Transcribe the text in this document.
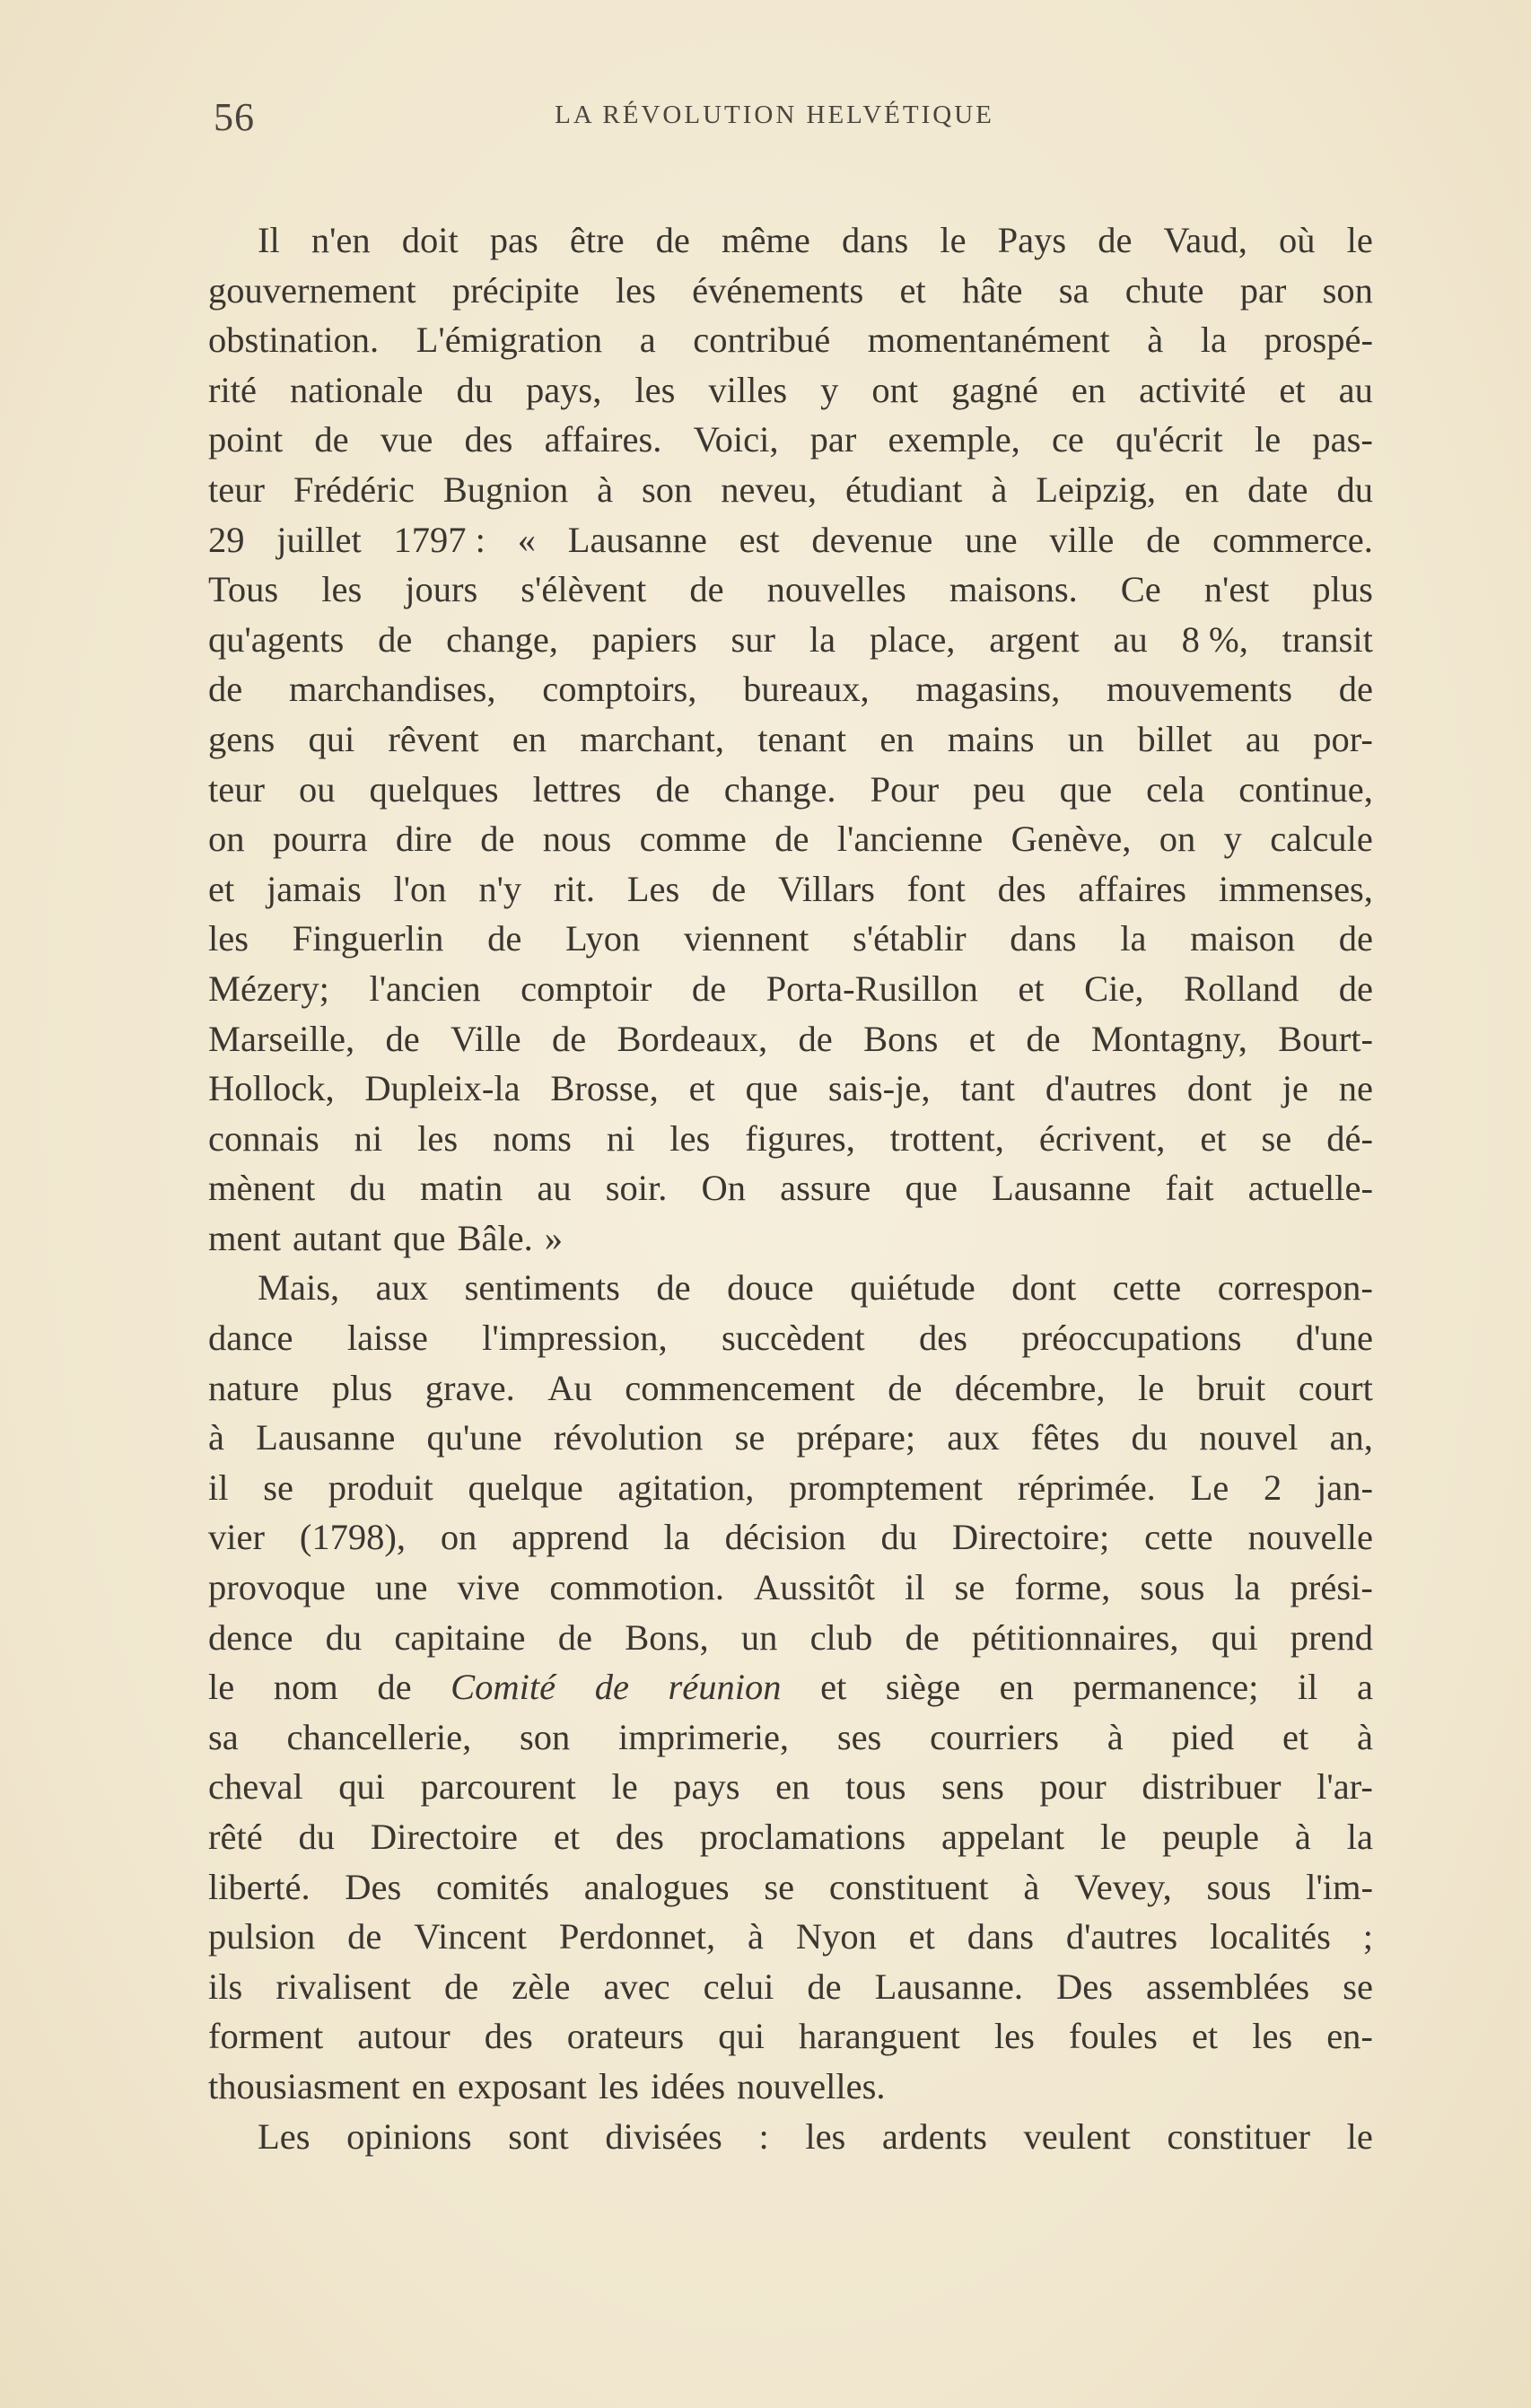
56	LA RÉVOLUTION HELVÉTIQUE
Il n'en doit pas être de même dans le Pays de Vaud, où le
gouvernement précipite les événements et hâte sa chute par son
obstination. L'émigration a contribué momentanément à la prospé-
rité nationale du pays, les villes y ont gagné en activité et au
point de vue des affaires. Voici, par exemple, ce qu'écrit le pas-
teur Frédéric Bugnion à son neveu, étudiant à Leipzig, en date du
29 juillet 1797 : « Lausanne est devenue une ville de commerce.
Tous les jours s'élèvent de nouvelles maisons. Ce n'est plus
qu'agents de change, papiers sur la place, argent au 8 %, transit
de marchandises, comptoirs, bureaux, magasins, mouvements de
gens qui rêvent en marchant, tenant en mains un billet au por-
teur ou quelques lettres de change. Pour peu que cela continue,
on pourra dire de nous comme de l'ancienne Genève, on y calcule
et jamais l'on n'y rit. Les de Villars font des affaires immenses,
les Finguerlin de Lyon viennent s'établir dans la maison de
Mézery; l'ancien comptoir de Porta-Rusillon et Cie, Rolland de
Marseille, de Ville de Bordeaux, de Bons et de Montagny, Bourt-
Hollock, Dupleix-la Brosse, et que sais-je, tant d'autres dont je ne
connais ni les noms ni les figures, trottent, écrivent, et se dé-
mènent du matin au soir. On assure que Lausanne fait actuelle-
ment autant que Bâle. »
Mais, aux sentiments de douce quiétude dont cette correspon-
dance laisse l'impression, succèdent des préoccupations d'une
nature plus grave. Au commencement de décembre, le bruit court
à Lausanne qu'une révolution se prépare; aux fêtes du nouvel an,
il se produit quelque agitation, promptement réprimée. Le 2 jan-
vier (1798), on apprend la décision du Directoire; cette nouvelle
provoque une vive commotion. Aussitôt il se forme, sous la prési-
dence du capitaine de Bons, un club de pétitionnaires, qui prend
le nom de Comité de réunion et siège en permanence; il a
sa chancellerie, son imprimerie, ses courriers à pied et à
cheval qui parcourent le pays en tous sens pour distribuer l'ar-
rêté du Directoire et des proclamations appelant le peuple à la
liberté. Des comités analogues se constituent à Vevey, sous l'im-
pulsion de Vincent Perdonnet, à Nyon et dans d'autres localités ;
ils rivalisent de zèle avec celui de Lausanne. Des assemblées se
forment autour des orateurs qui haranguent les foules et les en-
thousiasment en exposant les idées nouvelles.
Les opinions sont divisées : les ardents veulent constituer le
